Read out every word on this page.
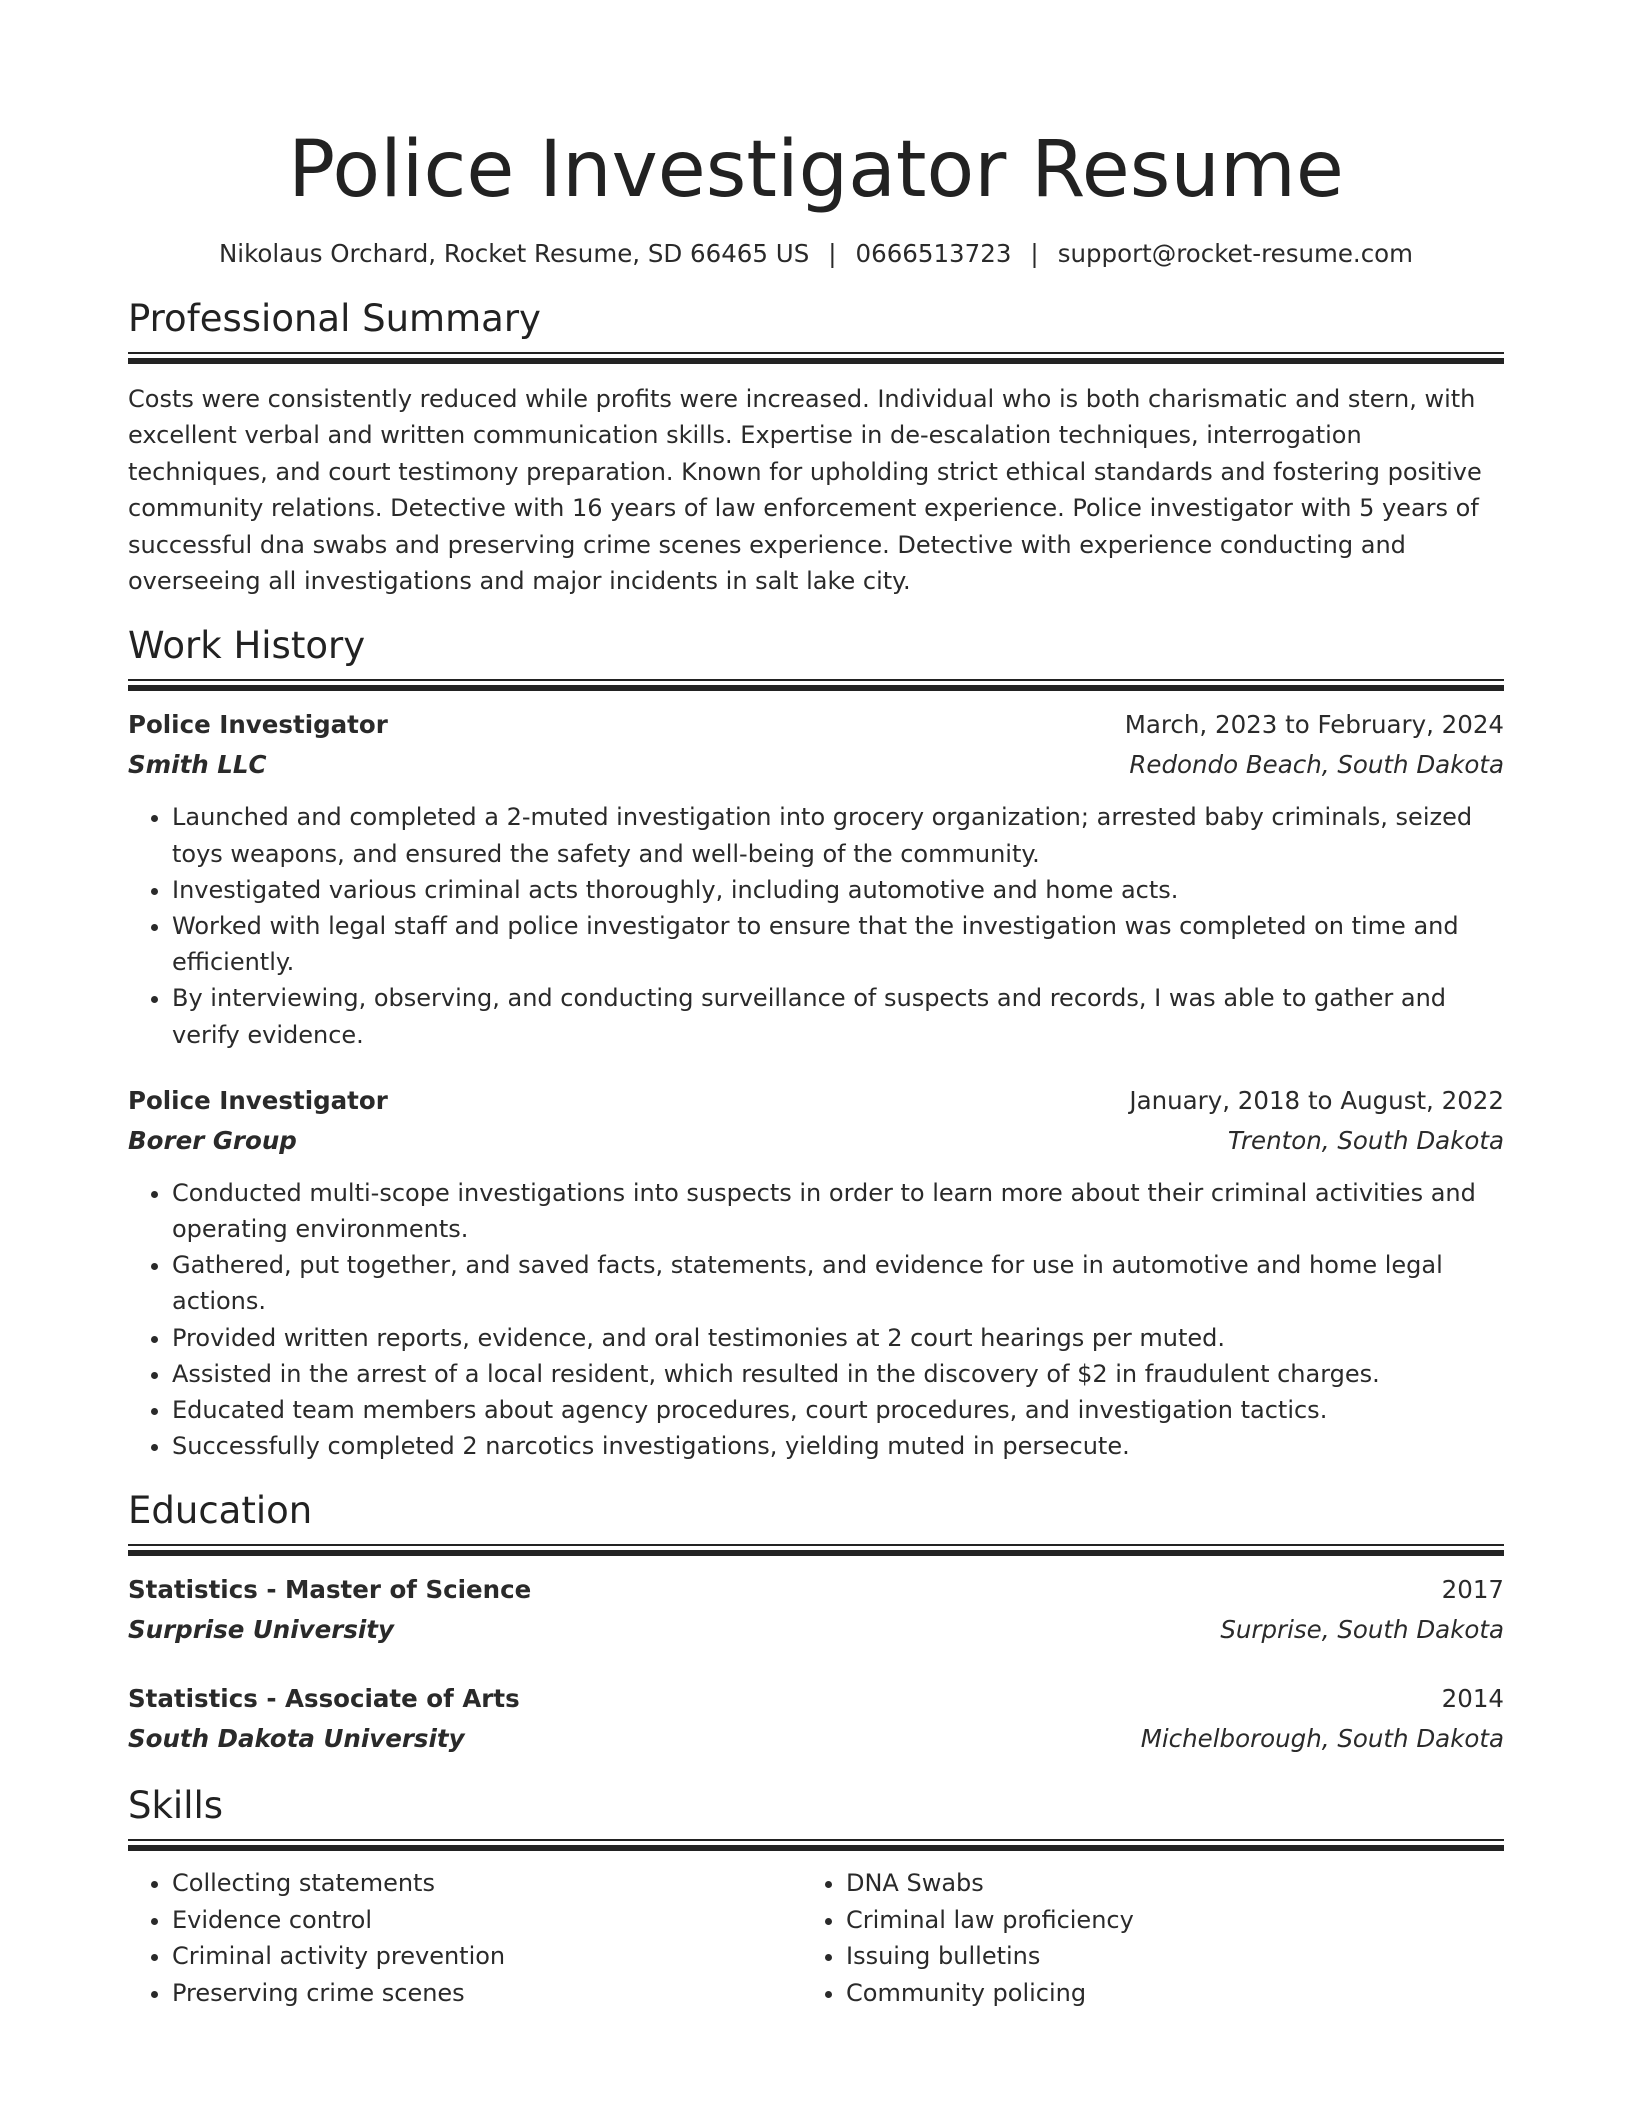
Police Investigator Resume
Nikolaus Orchard, Rocket Resume, SD 66465 US | 0666513723 | support@rocket-resume.com
Professional Summary
Costs were consistently reduced while profits were increased. Individual who is both charismatic and stern, with excellent verbal and written communication skills. Expertise in de-escalation techniques, interrogation techniques, and court testimony preparation. Known for upholding strict ethical standards and fostering positive community relations. Detective with 16 years of law enforcement experience. Police investigator with 5 years of successful dna swabs and preserving crime scenes experience. Detective with experience conducting and overseeing all investigations and major incidents in salt lake city.
Work History
Police Investigator	March, 2023 to February, 2024
Smith LLC	Redondo Beach, South Dakota
• Launched and completed a 2-muted investigation into grocery organization; arrested baby criminals, seized toys weapons, and ensured the safety and well-being of the community.
• Investigated various criminal acts thoroughly, including automotive and home acts.
• Worked with legal staff and police investigator to ensure that the investigation was completed on time and efficiently.
• By interviewing, observing, and conducting surveillance of suspects and records, I was able to gather and verify evidence.
Police Investigator	January, 2018 to August, 2022
Borer Group	Trenton, South Dakota
• Conducted multi-scope investigations into suspects in order to learn more about their criminal activities and operating environments.
• Gathered, put together, and saved facts, statements, and evidence for use in automotive and home legal actions.
• Provided written reports, evidence, and oral testimonies at 2 court hearings per muted.
• Assisted in the arrest of a local resident, which resulted in the discovery of $2 in fraudulent charges.
• Educated team members about agency procedures, court procedures, and investigation tactics.
• Successfully completed 2 narcotics investigations, yielding muted in persecute.
Education
Statistics - Master of Science	2017
Surprise University	Surprise, South Dakota
Statistics - Associate of Arts	2014
South Dakota University	Michelborough, South Dakota
Skills
• Collecting statements
• Evidence control
• Criminal activity prevention
• Preserving crime scenes
• DNA Swabs
• Criminal law proficiency
• Issuing bulletins
• Community policing
